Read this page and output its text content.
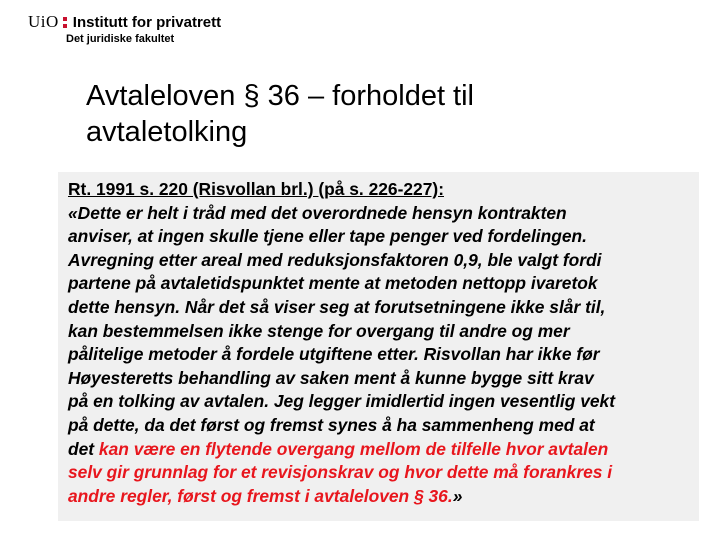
UiO Institutt for privatrett
Det juridiske fakultet
Avtaleloven § 36 – forholdet til
avtaletolking
Rt. 1991 s. 220 (Risvollan brl.) (på s. 226-227):
«Dette er helt i tråd med det overordnede hensyn kontrakten
anviser, at ingen skulle tjene eller tape penger ved fordelingen.
Avregning etter areal med reduksjonsfaktoren 0,9, ble valgt fordi
partene på avtaletidspunktet mente at metoden nettopp ivaretok
dette hensyn. Når det så viser seg at forutsetningene ikke slår til,
kan bestemmelsen ikke stenge for overgang til andre og mer
pålitelige metoder å fordele utgiftene etter. Risvollan har ikke før
Høyesteretts behandling av saken ment å kunne bygge sitt krav
på en tolking av avtalen. Jeg legger imidlertid ingen vesentlig vekt
på dette, da det først og fremst synes å ha sammenheng med at
det kan være en flytende overgang mellom de tilfelle hvor avtalen
selv gir grunnlag for et revisjonskrav og hvor dette må forankres i
andre regler, først og fremst i avtaleloven § 36.»
